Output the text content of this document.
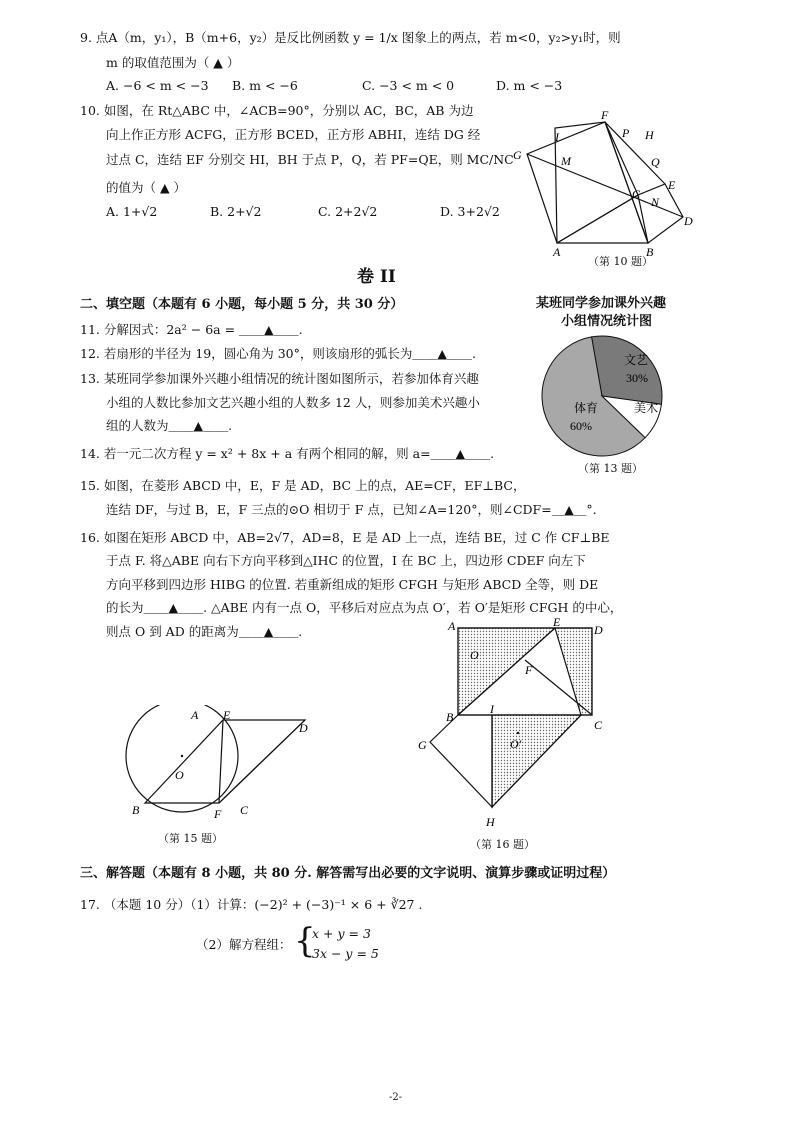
9. 点A（m，y₁），B（m+6，y₂）是反比例函数 y = 1/x 图象上的两点，若 m<0，y₂>y₁时，则
m 的取值范围为（ ▲ ）
A. −6 < m < −3 B. m < −6	C. −3 < m < 0	D. m < −3
10. 如图，在 Rt△ABC 中，∠ACB=90°，分别以 AC，BC，AB 为边
向上作正方形 ACFG，正方形 BCED，正方形 ABHI，连结 DG 经
过点 C，连结 EF 分别交 HI，BH 于点 P，Q，若 PF=QE，则 MC/NC
的值为（ ▲ ）
A. 1+√2	B. 2+√2	C. 2+2√2	D. 3+2√2
I
F
P H
G	M	Q
E
C
N
D
A	B
（第 10 题）
卷 II
二、填空题（本题有 6 小题，每小题 5 分，共 30 分）	某班同学参加课外兴趣
小组情况统计图
文艺
30%
体育
60%
美术
（第 13 题）
11. 分解因式：2a² − 6a = ＿＿▲＿＿.
12. 若扇形的半径为 19，圆心角为 30°，则该扇形的弧长为＿＿▲＿＿.
13. 某班同学参加课外兴趣小组情况的统计图如图所示，若参加体育兴趣
小组的人数比参加文艺兴趣小组的人数多 12 人，则参加美术兴趣小
组的人数为＿＿▲＿＿.
14. 若一元二次方程 y = x² + 8x + a 有两个相同的解，则 a=＿＿▲＿＿.
15. 如图，在菱形 ABCD 中，E，F 是 AD，BC 上的点，AE=CF，EF⊥BC，
连结 DF，与过 B，E，F 三点的⊙O 相切于 F 点，已知∠A=120°，则∠CDF=＿▲＿°.
16. 如图在矩形 ABCD 中，AB=2√7，AD=8，E 是 AD 上一点，连结 BE，过 C 作 CF⊥BE
于点 F. 将△ABE 向右下方向平移到△IHC 的位置，I 在 BC 上，四边形 CDEF 向左下
方向平移到四边形 HIBG 的位置. 若重新组成的矩形 CFGH 与矩形 ABCD 全等，则 DE
的长为＿＿▲＿＿. △ABE 内有一点 O，平移后对应点为点 O′，若 O′是矩形 CFGH 的中心，
则点 O 到 AD 的距离为＿＿▲＿＿.
A E
D
O
B	F C
（第 15 题）
A	E
D
O
F
B
I
C
G	O′
H
（第 16 题）
三、解答题（本题有 8 小题，共 80 分. 解答需写出必要的文字说明、演算步骤或证明过程）
17. （本题 10 分）（1）计算：(−2)² + (−3)⁻¹ × 6 + ∛27 .
（2）解方程组： {
x + y = 3
3x − y = 5
-2-
